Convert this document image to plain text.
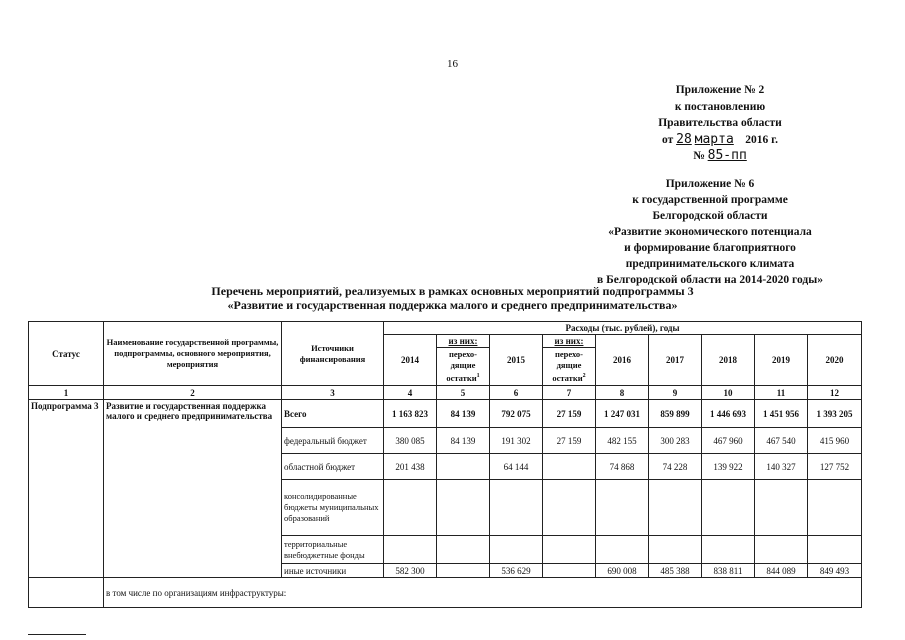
16
Приложение № 2
к постановлению
Правительства области
от 28 марта 2016 г.
№ 85-пп
Приложение № 6
к государственной программе
Белгородской области
«Развитие экономического потенциала
и формирование благоприятного
предпринимательского климата
в Белгородской области на 2014-2020 годы»
Перечень мероприятий, реализуемых в рамках основных мероприятий подпрограммы 3
«Развитие и государственная поддержка малого и среднего предпринимательства»
Статус	Наименование государственной программы, подпрограммы, основного мероприятия, мероприятия	Источники финансирования	Расходы (тыс. рублей), годы								
			2014	из них:	2015	из них:	2016	2017	2018	2019	2020
				перехо-дящие остатки$^1$		перехо-дящие остатки$^2$
1	2	3	4	5	6	7	8	9	10	11	12
Подпрограмма 3	Развитие и государственная поддержка малого и среднего предпринимательства	Всего	1 163 823	84 139	792 075	27 159	1 247 031	859 899	1 446 693	1 451 956	1 393 205
		федеральный бюджет	380 085	84 139	191 302	27 159	482 155	300 283	467 960	467 540	415 960
		областной бюджет	201 438		64 144		74 868	74 228	139 922	140 327	127 752
		консолидированные бюджеты муниципальных образований									
		территориальные внебюджетные фонды									
		иные источники	582 300		536 629		690 008	485 388	838 811	844 089	849 493
	в том числе по организациям инфраструктуры:										
